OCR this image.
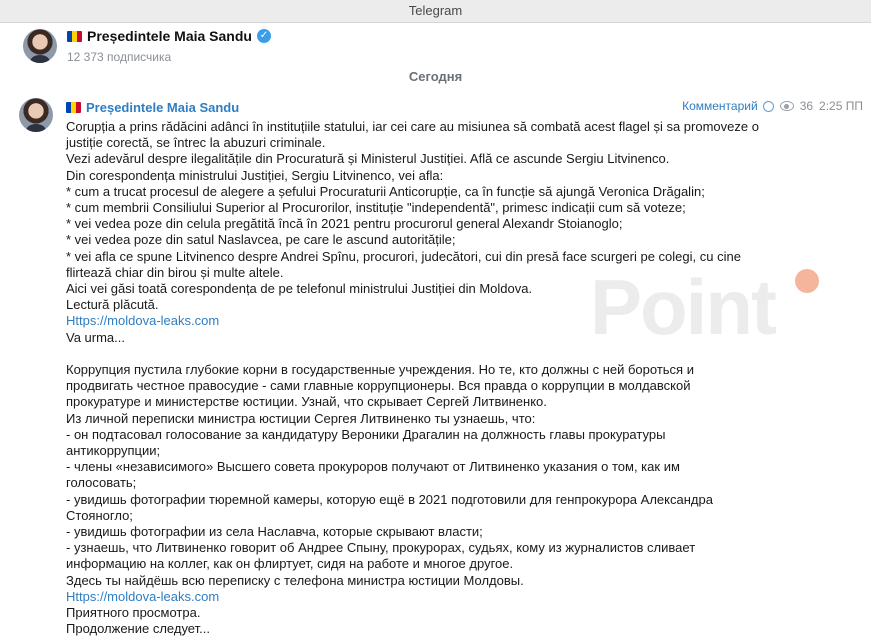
Telegram
Președintele Maia Sandu ✓
12 373 подписчика
Сегодня
Președintele Maia Sandu	Комментарий	36 2:25 ПП
Point
Corupția a prins rădăcini adânci în instituțiile statului, iar cei care au misiunea să combată acest flagel și sa promoveze o
justiție corectă, se întrec la abuzuri criminale.
Vezi adevărul despre ilegalitățile din Procuratură și Ministerul Justiției. Află ce ascunde Sergiu Litvinenco.
Din corespondența ministrului Justiției, Sergiu Litvinenco, vei afla:
* cum a trucat procesul de alegere a șefului Procuraturii Anticorupție, ca în funcție să ajungă Veronica Drăgalin;
* cum membrii Consiliului Superior al Procurorilor, instituție "independentă", primesc indicații cum să voteze;
* vei vedea poze din celula pregătită încă în 2021 pentru procurorul general Alexandr Stoianoglo;
* vei vedea poze din satul Naslavcea, pe care le ascund autoritățile;
* vei afla ce spune Litvinenco despre Andrei Spînu, procurori, judecători, cui din presă face scurgeri pe colegi, cu cine
flirtează chiar din birou și multe altele.
Aici vei găsi toată corespondența de pe telefonul ministrului Justiției din Moldova.
Lectură plăcută.
Https://moldova-leaks.com
Va urma...
Коррупция пустила глубокие корни в государственные учреждения. Но те, кто должны с ней бороться и
продвигать честное правосудие - сами главные коррупционеры. Вся правда о коррупции в молдавской
прокуратуре и министерстве юстиции. Узнай, что скрывает Сергей Литвиненко.
Из личной переписки министра юстиции Сергея Литвиненко ты узнаешь, что:
- он подтасовал голосование за кандидатуру Вероники Драгалин на должность главы прокуратуры
антикоррупции;
- члены «независимого» Высшего совета прокуроров получают от Литвиненко указания о том, как им
голосовать;
- увидишь фотографии тюремной камеры, которую ещё в 2021 подготовили для генпрокурора Александра
Стояногло;
- увидишь фотографии из села Наславча, которые скрывают власти;
- узнаешь, что Литвиненко говорит об Андрее Спыну, прокурорах, судьях, кому из журналистов сливает
информацию на коллег, как он флиртует, сидя на работе и многое другое.
Здесь ты найдёшь всю переписку с телефона министра юстиции Молдовы.
Https://moldova-leaks.com
Приятного просмотра.
Продолжение следует...
